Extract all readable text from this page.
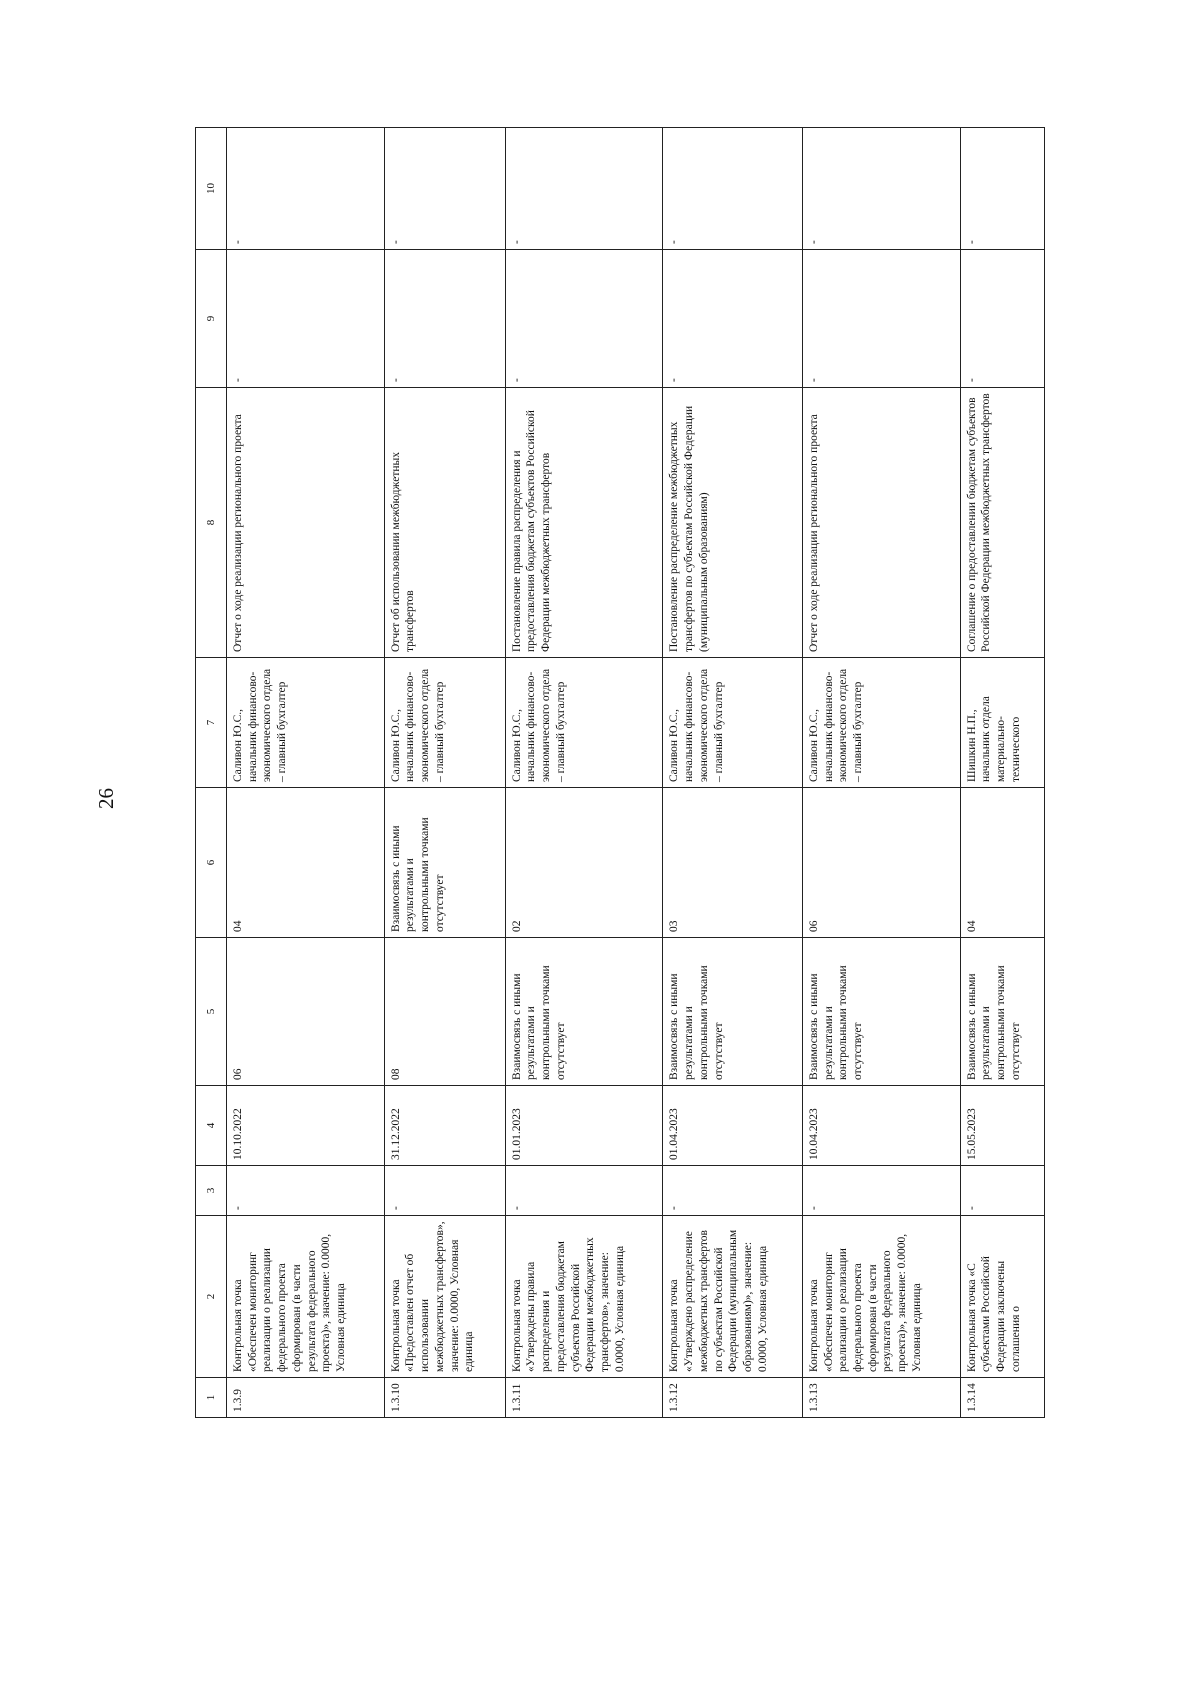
26
1	2	3	4	5	6	7	8	9	10
1.3.9	Контрольная точка «Обеспечен мониторинг реализации о реализации федерального проекта сформирован (в части результата федерального проекта)», значение: 0.0000, Условная единица	-	10.10.2022	06	04	Саливон Ю.С., начальник финансово-экономического отдела – главный бухгалтер	Отчет о ходе реализации регионального проекта	-	-
1.3.10	Контрольная точка «Предоставлен отчет об использовании межбюджетных трансфертов», значение: 0.0000, Условная единица	-	31.12.2022	08	Взаимосвязь с иными результатами и контрольными точками отсутствует	Саливон Ю.С., начальник финансово-экономического отдела – главный бухгалтер	Отчет об использовании межбюджетных трансфертов	-	-
1.3.11	Контрольная точка «Утверждены правила распределения и предоставления бюджетам субъектов Российской Федерации межбюджетных трансфертов», значение: 0.0000, Условная единица	-	01.01.2023	Взаимосвязь с иными результатами и контрольными точками отсутствует	02	Саливон Ю.С., начальник финансово-экономического отдела – главный бухгалтер	Постановление правила распределения и предоставления бюджетам субъектов Российской Федерации межбюджетных трансфертов	-	-
1.3.12	Контрольная точка «Утверждено распределение межбюджетных трансфертов по субъектам Российской Федерации (муниципальным образованиям)», значение: 0.0000, Условная единица	-	01.04.2023	Взаимосвязь с иными результатами и контрольными точками отсутствует	03	Саливон Ю.С., начальник финансово-экономического отдела – главный бухгалтер	Постановление распределение межбюджетных трансфертов по субъектам Российской Федерации (муниципальным образованиям)	-	-
1.3.13	Контрольная точка «Обеспечен мониторинг реализации о реализации федерального проекта сформирован (в части результата федерального проекта)», значение: 0.0000, Условная единица	-	10.04.2023	Взаимосвязь с иными результатами и контрольными точками отсутствует	06	Саливон Ю.С., начальник финансово-экономического отдела – главный бухгалтер	Отчет о ходе реализации регионального проекта	-	-
1.3.14	Контрольная точка «С субъектами Российской Федерации заключены соглашения о	-	15.05.2023	Взаимосвязь с иными результатами и контрольными точками отсутствует	04	Шишкин Н.П., начальник отдела материально-технического	Соглашение о предоставлении бюджетам субъектов Российской Федерации межбюджетных трансфертов	-	-
